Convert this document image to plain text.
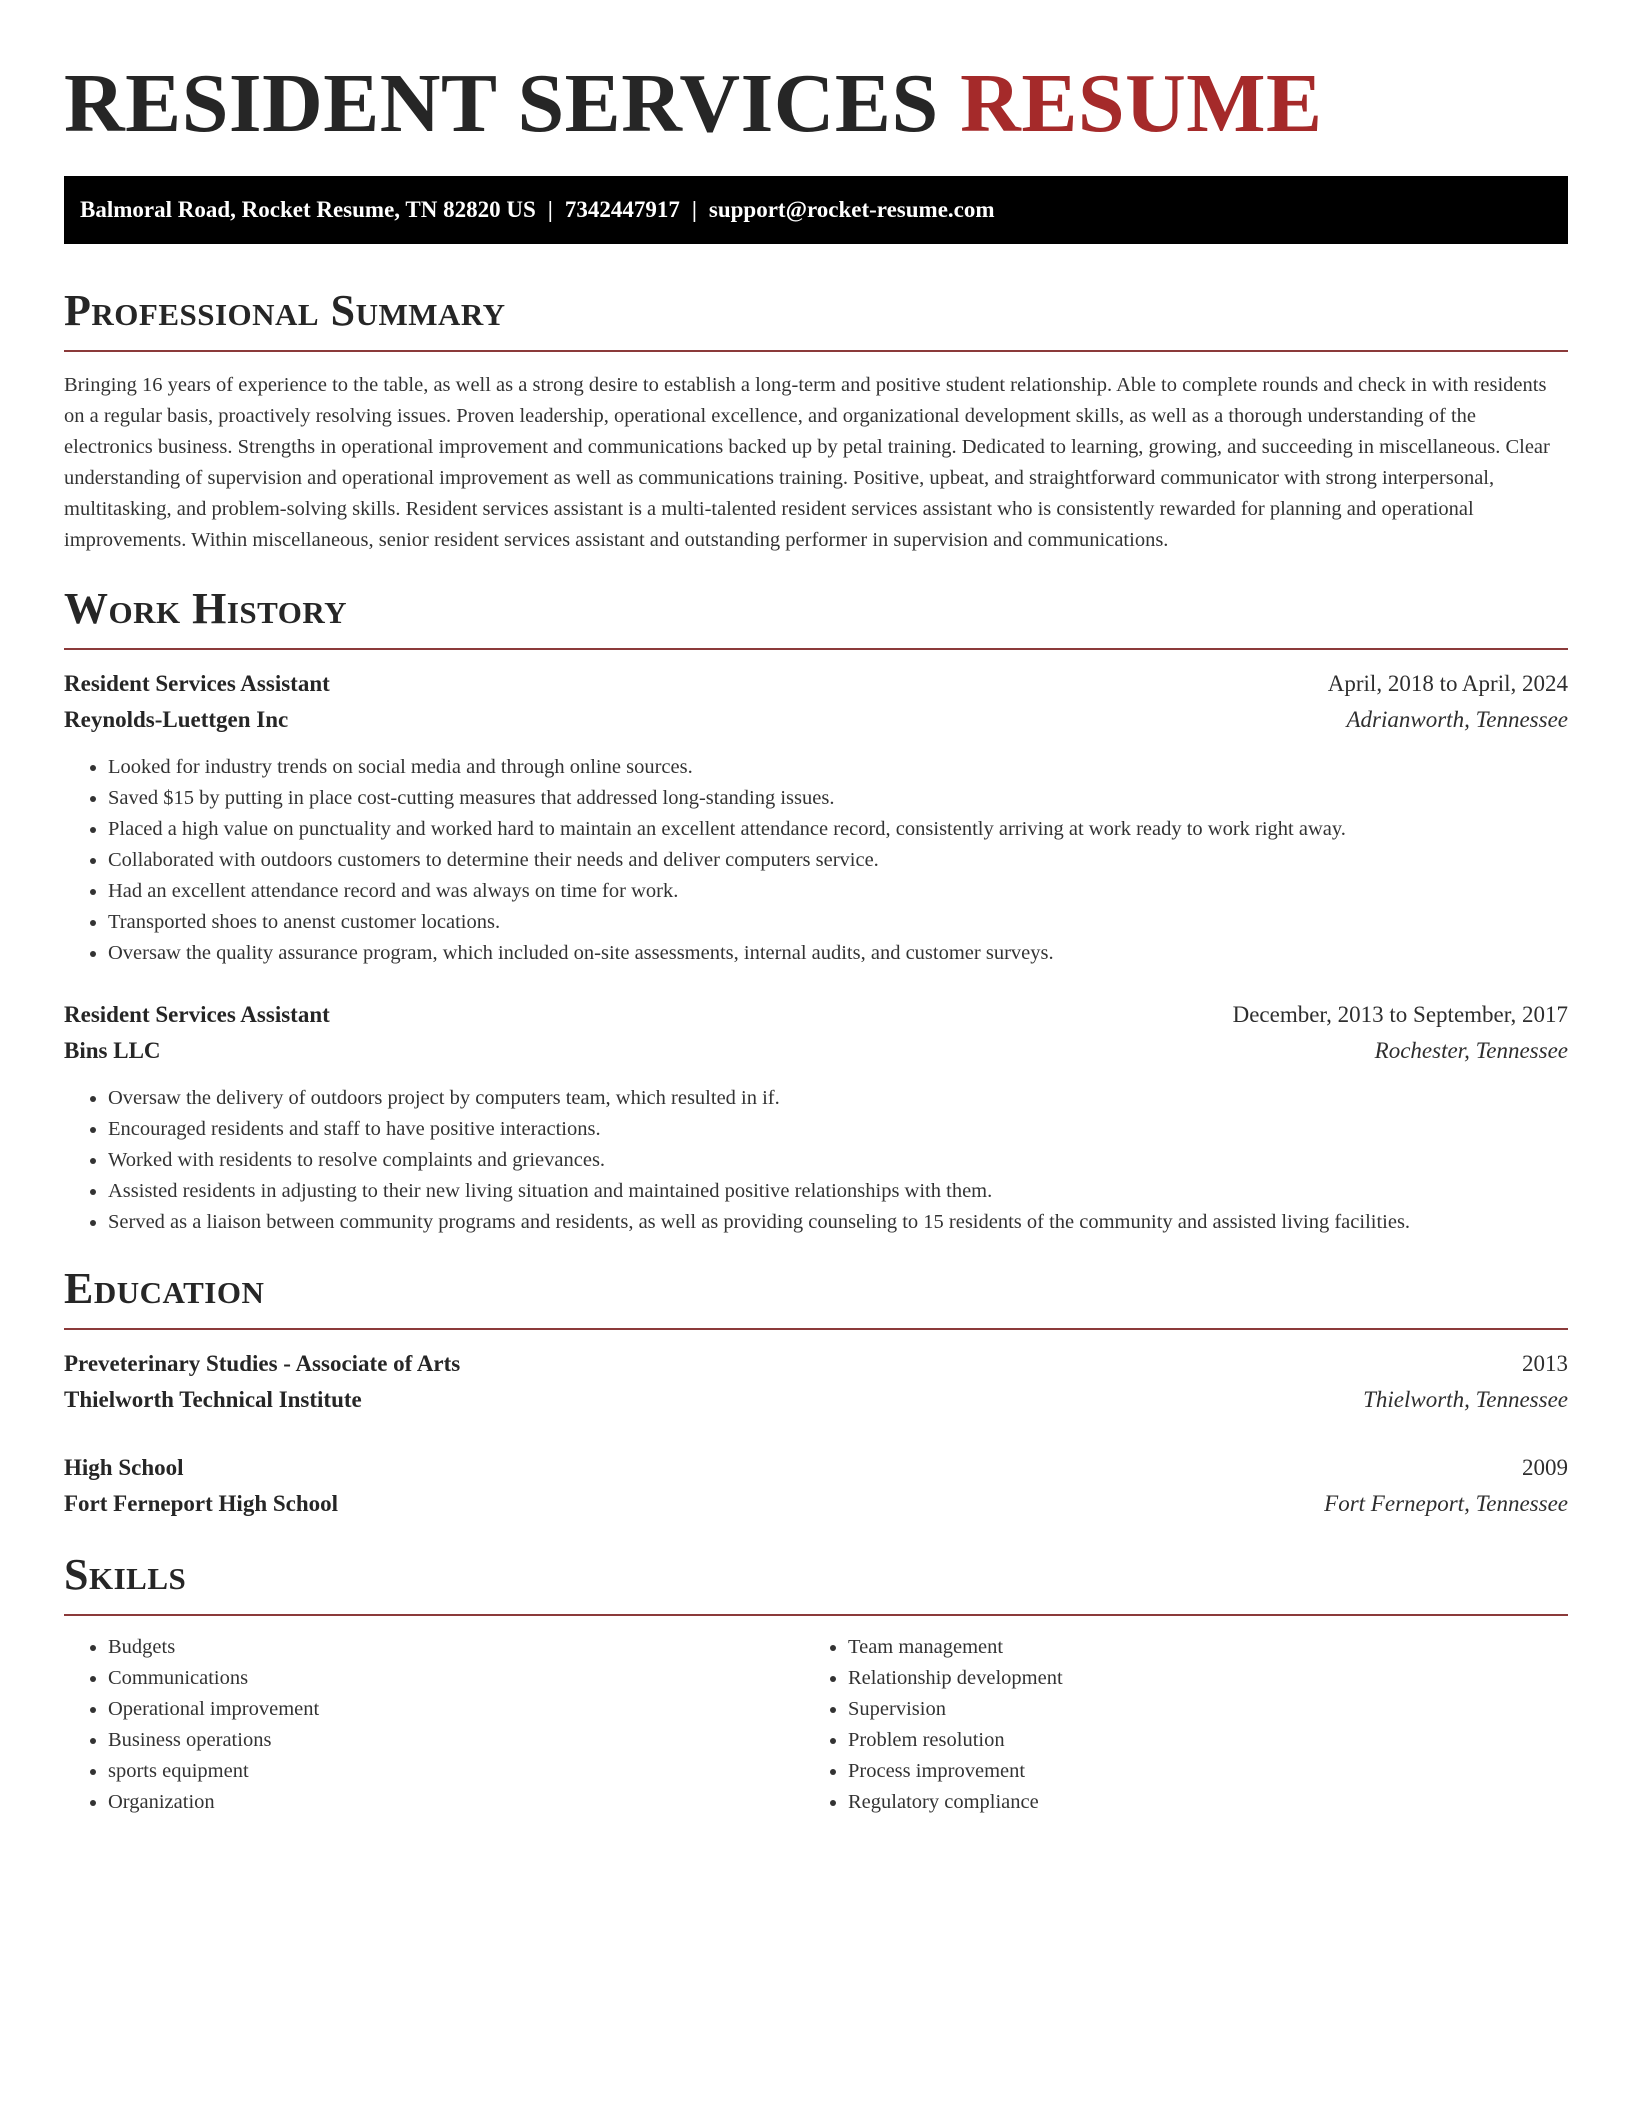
RESIDENT SERVICES RESUME
Balmoral Road, Rocket Resume, TN 82820 US | 7342447917 | support@rocket-resume.com
Professional Summary

Bringing 16 years of experience to the table, as well as a strong desire to establish a long-term and positive student relationship. Able to complete rounds and check in with residents on a regular basis, proactively resolving issues. Proven leadership, operational excellence, and organizational development skills, as well as a thorough understanding of the electronics business. Strengths in operational improvement and communications backed up by petal training. Dedicated to learning, growing, and succeeding in miscellaneous. Clear understanding of supervision and operational improvement as well as communications training. Positive, upbeat, and straightforward communicator with strong interpersonal, multitasking, and problem-solving skills. Resident services assistant is a multi-talented resident services assistant who is consistently rewarded for planning and operational improvements. Within miscellaneous, senior resident services assistant and outstanding performer in supervision and communications.

Work History
Resident Services Assistant	April, 2018 to April, 2024
Reynolds-Luettgen Inc	Adrianworth, Tennessee
• Looked for industry trends on social media and through online sources.
• Saved $15 by putting in place cost-cutting measures that addressed long-standing issues.
• Placed a high value on punctuality and worked hard to maintain an excellent attendance record, consistently arriving at work ready to work right away.
• Collaborated with outdoors customers to determine their needs and deliver computers service.
• Had an excellent attendance record and was always on time for work.
• Transported shoes to anenst customer locations.
• Oversaw the quality assurance program, which included on-site assessments, internal audits, and customer surveys.
Resident Services Assistant	December, 2013 to September, 2017
Bins LLC	Rochester, Tennessee
• Oversaw the delivery of outdoors project by computers team, which resulted in if.
• Encouraged residents and staff to have positive interactions.
• Worked with residents to resolve complaints and grievances.
• Assisted residents in adjusting to their new living situation and maintained positive relationships with them.
• Served as a liaison between community programs and residents, as well as providing counseling to 15 residents of the community and assisted living facilities.
Education
Preveterinary Studies - Associate of Arts	2013
Thielworth Technical Institute	Thielworth, Tennessee
High School	2009
Fort Ferneport High School	Fort Ferneport, Tennessee
Skills
• Budgets
• Communications
• Operational improvement
• Business operations
• sports equipment
• Organization
• Team management
• Relationship development
• Supervision
• Problem resolution
• Process improvement
• Regulatory compliance
